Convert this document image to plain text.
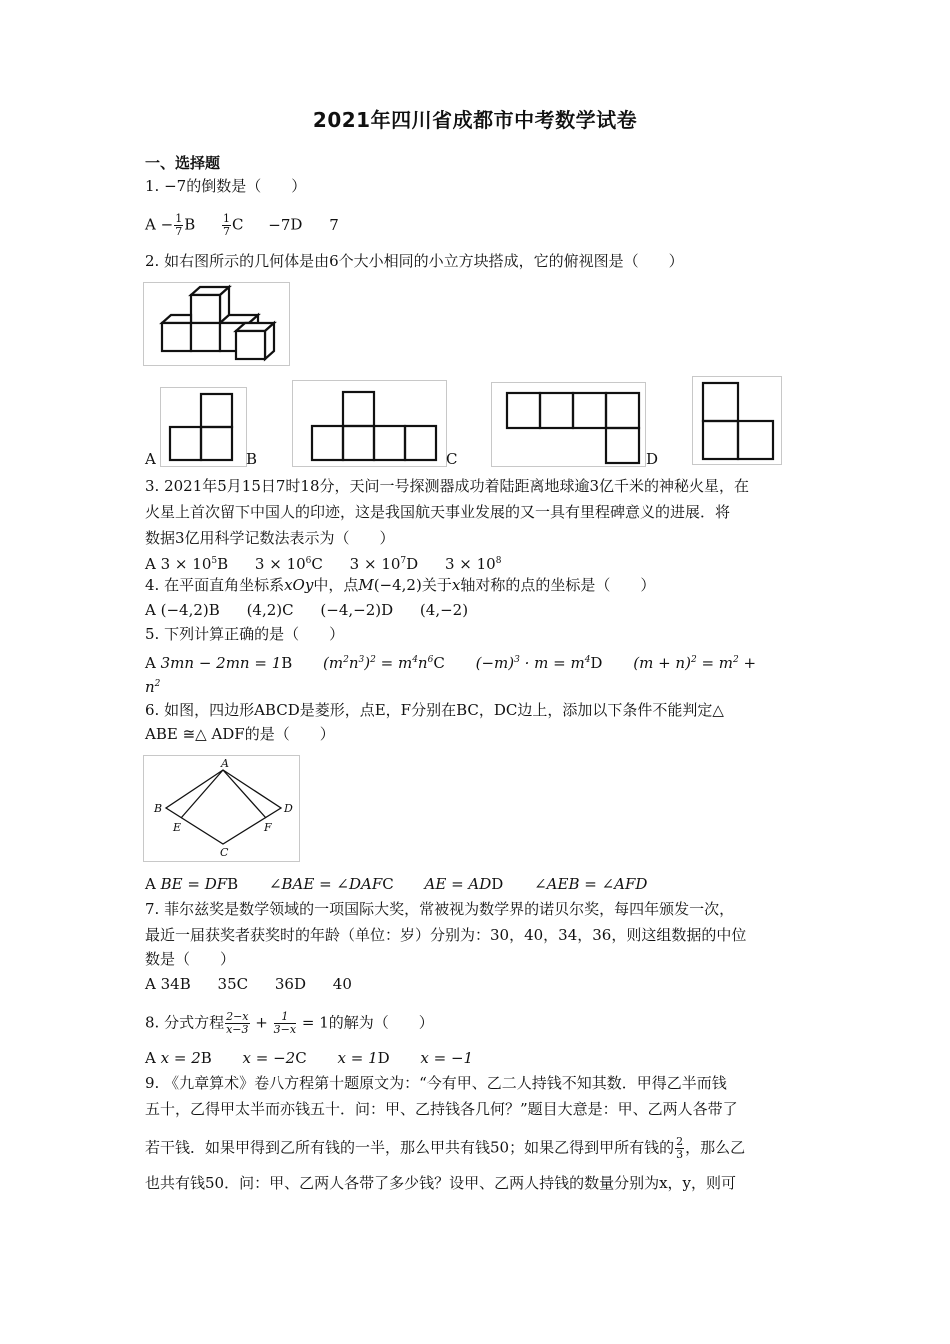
2021年四川省成都市中考数学试卷
一、选择题
1. −7的倒数是（　　）
$A - \frac{1}{7}$ B $\frac{1}{7}$ C −7D 7
2. 如右图所示的几何体是由6个大小相同的小立方块搭成，它的俯视图是（　　）
A	B	C	D
3. 2021年5月15日7时18分，天问一号探测器成功着陆距离地球逾3亿千米的神秘火星，在
火星上首次留下中国人的印迹，这是我国航天事业发展的又一具有里程碑意义的进展．将
数据3亿用科学记数法表示为（　　）
A $3 \times 10^5B$ $3 \times 10^6C$ $3 \times 10^7D$ $3 \times 10^8$
4. 在平面直角坐标系xOy中，点M(−4,2)关于x轴对称的点的坐标是（　　）
A (−4,2)B (4,2)C (−4,−2)D (4,−2)
5. 下列计算正确的是（　　）
A 3mn − 2mn = 1B $(m^2n^3)^2 = m^4n^6C$ $(-m)^3 \cdot m = m^4D$ $(m + n)^2 = m^2$ +
$n^2$
6. 如图，四边形ABCD是菱形，点E，F分别在BC，DC边上，添加以下条件不能判定△
ABE ≅△ ADF的是（　　）
A
B
C
D
E	F
A BE = DFB ∠BAE = ∠DAFC AE = ADD ∠AEB = ∠AFD
7. 菲尔兹奖是数学领域的一项国际大奖，常被视为数学界的诺贝尔奖，每四年颁发一次，
最近一届获奖者获奖时的年龄（单位：岁）分别为：30，40，34，36，则这组数据的中位
数是（　　）
A 34B 35C 36D 40
8. 分式方程 $\frac{2-x}{x-3} + \frac{1}{3-x} = 1$的解为（　　）
A x = 2B x = −2C x = 1D x = −1
9. 《九章算术》卷八方程第十题原文为：“今有甲、乙二人持钱不知其数．甲得乙半而钱
五十，乙得甲太半而亦钱五十．问：甲、乙持钱各几何？”题目大意是：甲、乙两人各带了
若干钱．如果甲得到乙所有钱的一半，那么甲共有钱50；如果乙得到甲所有钱的 $\frac{2}{3}$ ，那么乙
也共有钱50．问：甲、乙两人各带了多少钱？设甲、乙两人持钱的数量分别为x，y，则可
